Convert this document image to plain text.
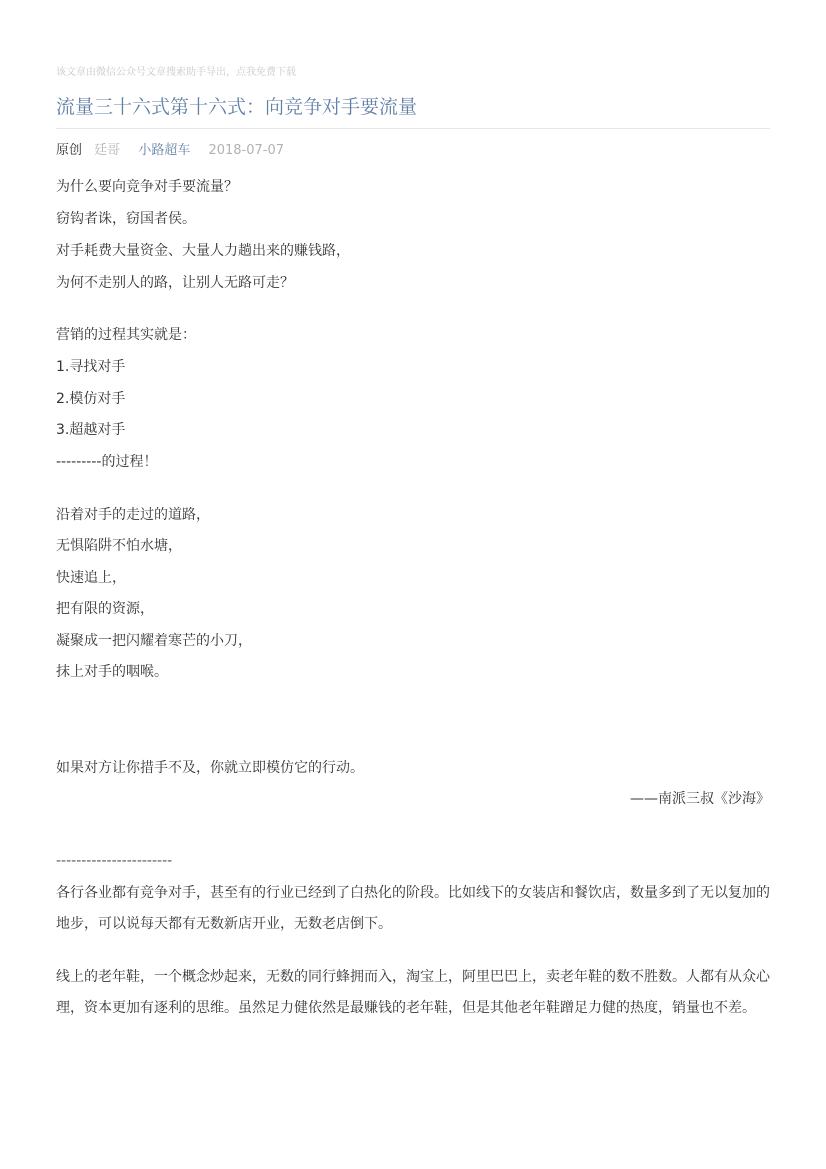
该文章由微信公众号文章搜索助手导出，点我免费下载
流量三十六式第十六式：向竞争对手要流量
原创 廷哥 小路超车 2018-07-07
为什么要向竞争对手要流量？
窃钩者诛，窃国者侯。
对手耗费大量资金、大量人力趟出来的赚钱路，
为何不走别人的路，让别人无路可走？
营销的过程其实就是：
1.寻找对手
2.模仿对手
3.超越对手
---------的过程！
沿着对手的走过的道路，
无惧陷阱不怕水塘，
快速追上，
把有限的资源，
凝聚成一把闪耀着寒芒的小刀，
抹上对手的咽喉。
如果对方让你措手不及，你就立即模仿它的行动。
——南派三叔《沙海》
-----------------------
各行各业都有竞争对手，甚至有的行业已经到了白热化的阶段。比如线下的女装店和餐饮店，数量多到了无以复加的地步，可以说每天都有无数新店开业，无数老店倒下。
线上的老年鞋，一个概念炒起来，无数的同行蜂拥而入，淘宝上，阿里巴巴上，卖老年鞋的数不胜数。人都有从众心理，资本更加有逐利的思维。虽然足力健依然是最赚钱的老年鞋，但是其他老年鞋蹭足力健的热度，销量也不差。
